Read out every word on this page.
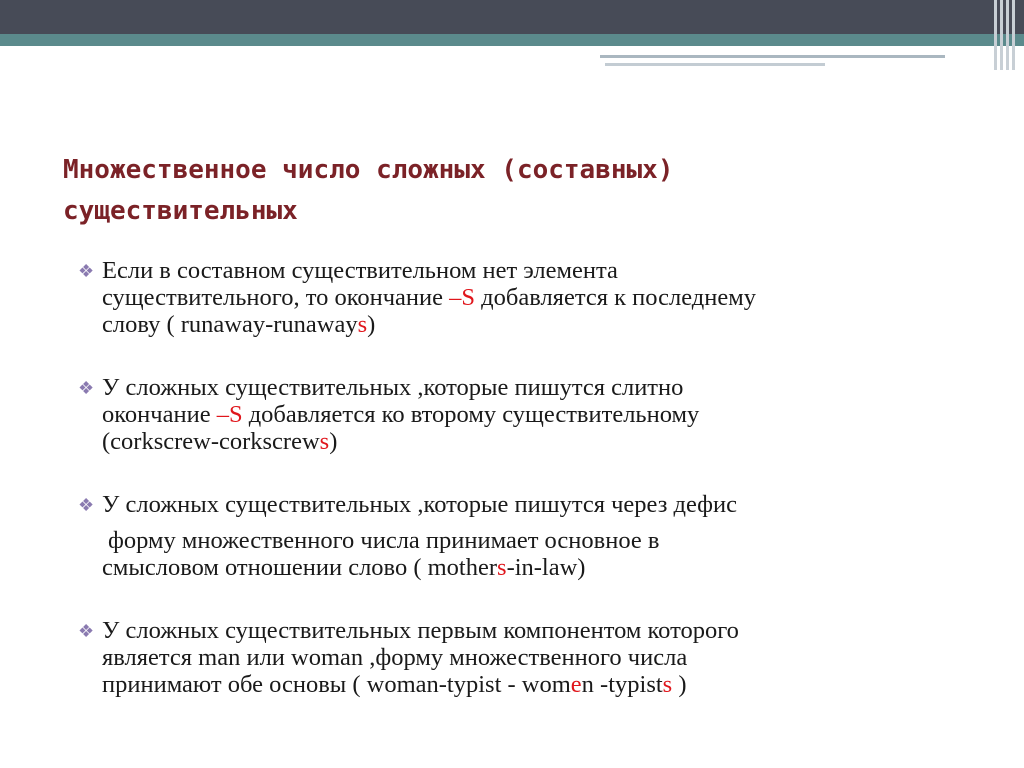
Множественное число сложных (составных)
существительных
❖ Если в составном существительном нет элемента
существительного, то окончание –S добавляется к последнему
слову ( runaway-runaways)
❖ У сложных существительных ,которые пишутся слитно
окончание –S добавляется ко второму существительному
(corkscrew-corkscrews)
❖ У сложных существительных ,которые пишутся через дефис
форму множественного числа принимает основное в
смысловом отношении слово ( mothers-in-law)
❖ У сложных существительных первым компонентом которого
является man или woman ,форму множественного числа
принимают обе основы ( woman-typist - women -typists )
